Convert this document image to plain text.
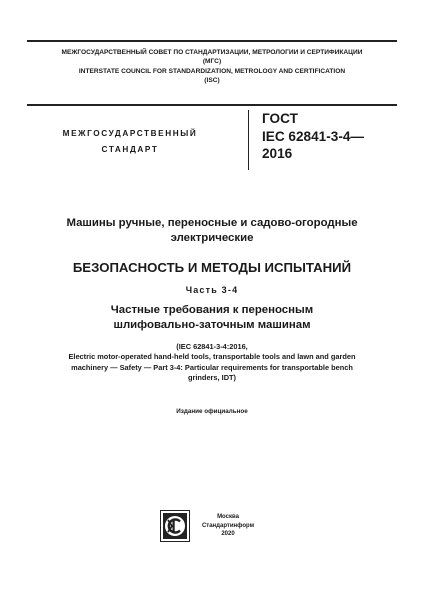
МЕЖГОСУДАРСТВЕННЫЙ СОВЕТ ПО СТАНДАРТИЗАЦИИ, МЕТРОЛОГИИ И СЕРТИФИКАЦИИ
(МГС)
INTERSTATE COUNCIL FOR STANDARDIZATION, METROLOGY AND CERTIFICATION
(ISC)
МЕЖГОСУДАРСТВЕННЫЙ
СТАНДАРТ
ГОСТ
IEC 62841-3-4—
2016
Машины ручные, переносные и садово-огородные
электрические
БЕЗОПАСНОСТЬ И МЕТОДЫ ИСПЫТАНИЙ
Часть 3-4
Частные требования к переносным
шлифовально-заточным машинам
(IEC 62841-3-4:2016,
Electric motor-operated hand-held tools, transportable tools and lawn and garden
machinery — Safety — Part 3-4: Particular requirements for transportable bench
grinders, IDT)
Издание официальное
Москва
Стандартинформ
2020
